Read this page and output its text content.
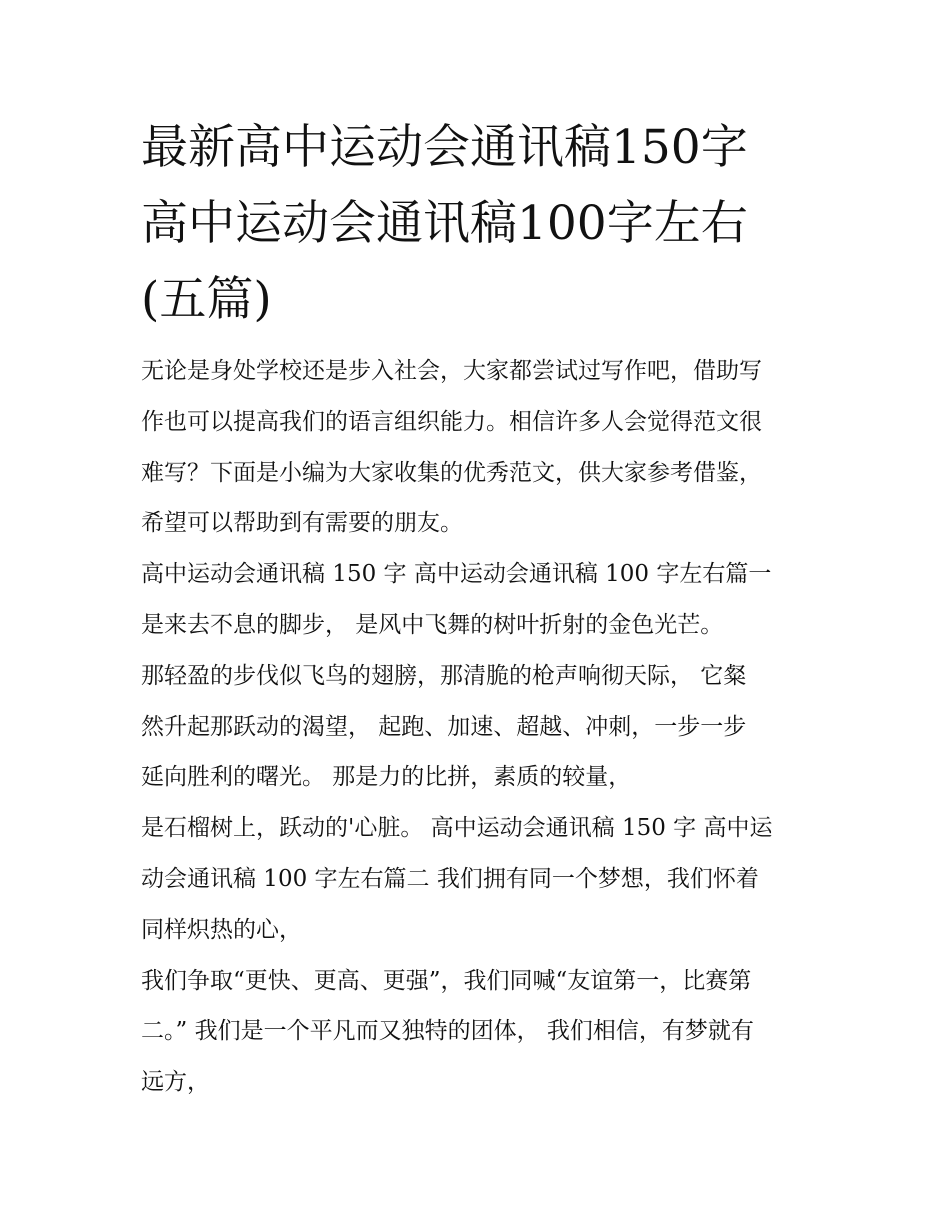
最新高中运动会通讯稿150字
高中运动会通讯稿100字左右
(五篇)
无论是身处学校还是步入社会，大家都尝试过写作吧，借助写
作也可以提高我们的语言组织能力。相信许多人会觉得范文很
难写？下面是小编为大家收集的优秀范文，供大家参考借鉴，
希望可以帮助到有需要的朋友。
高中运动会通讯稿 150 字 高中运动会通讯稿 100 字左右篇一
是来去不息的脚步， 是风中飞舞的树叶折射的金色光芒。
那轻盈的步伐似飞鸟的翅膀，那清脆的枪声响彻天际， 它粲
然升起那跃动的渴望， 起跑、加速、超越、冲刺，一步一步
延向胜利的曙光。 那是力的比拼，素质的较量，
是石榴树上，跃动的'心脏。 高中运动会通讯稿 150 字 高中运
动会通讯稿 100 字左右篇二 我们拥有同一个梦想，我们怀着
同样炽热的心，
我们争取“更快、更高、更强”，我们同喊“友谊第一，比赛第
二。” 我们是一个平凡而又独特的团体， 我们相信，有梦就有
远方，
